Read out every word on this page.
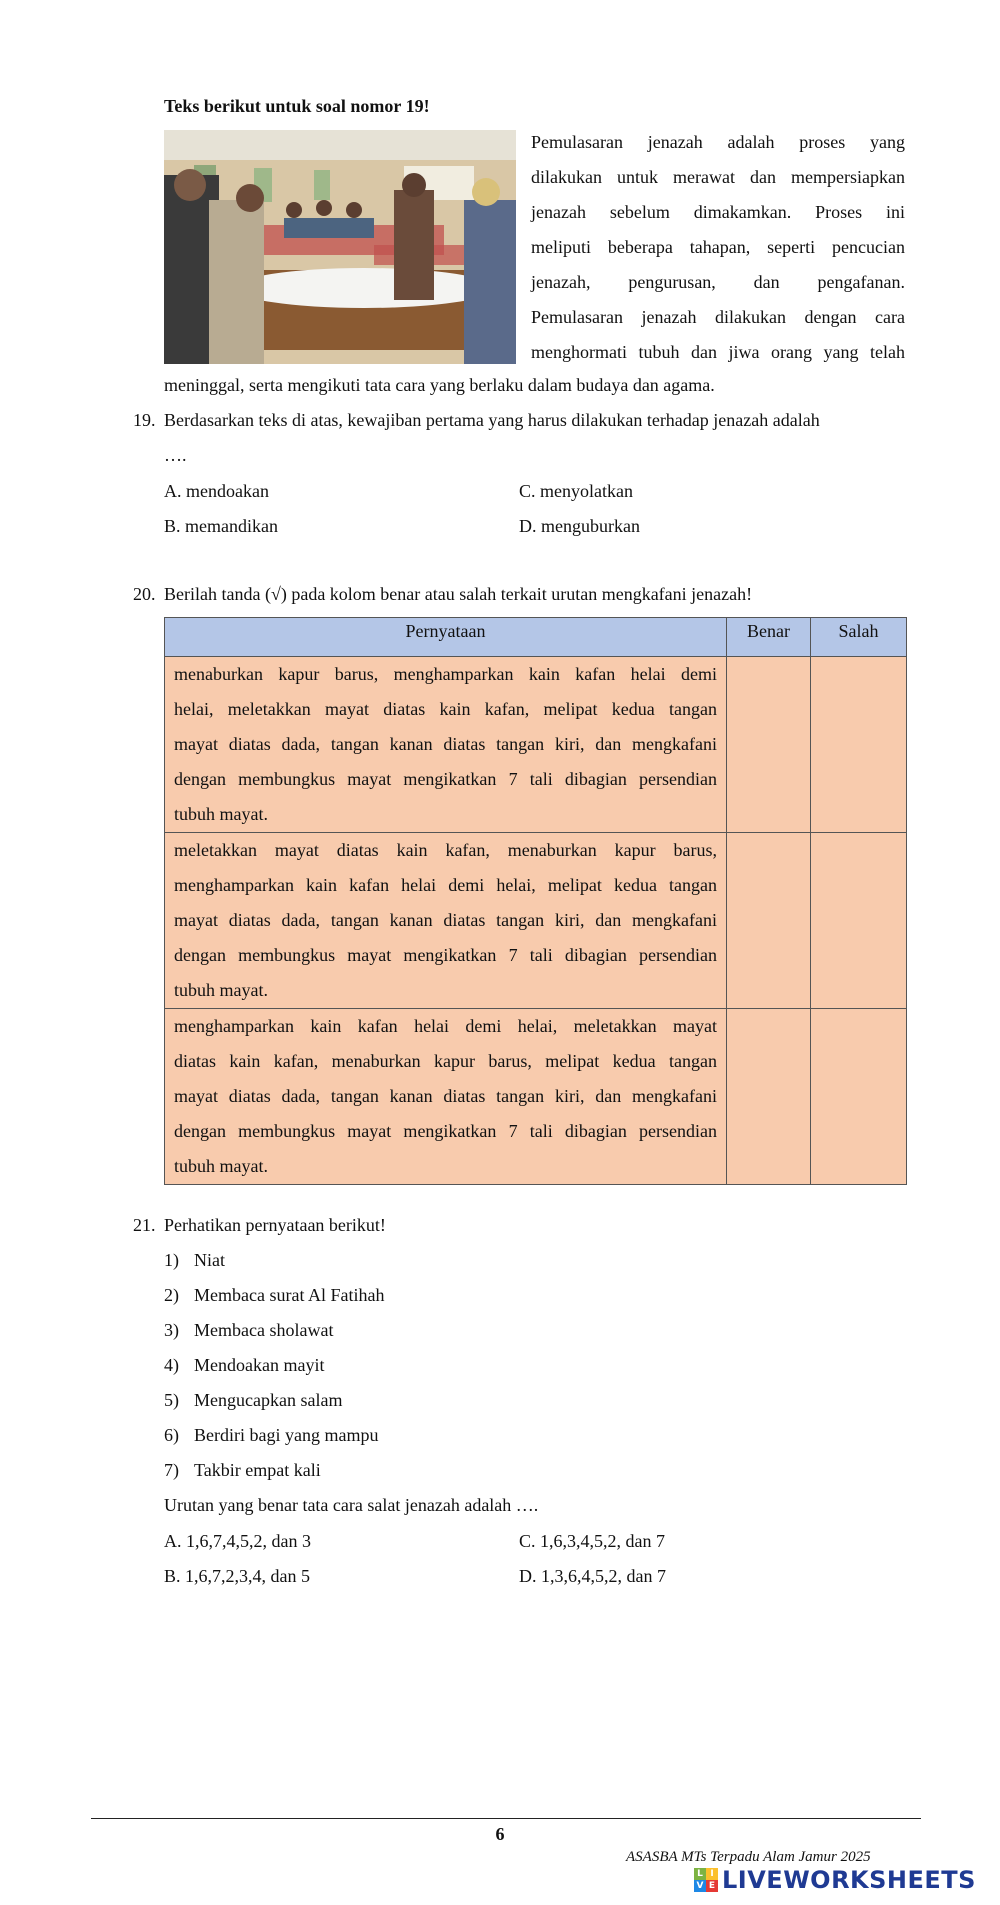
Teks berikut untuk soal nomor 19!
Pemulasaran jenazah adalah proses yang
dilakukan untuk merawat dan mempersiapkan
jenazah sebelum dimakamkan. Proses ini
meliputi beberapa tahapan, seperti pencucian
jenazah, pengurusan, dan pengafanan.
Pemulasaran jenazah dilakukan dengan cara
menghormati tubuh dan jiwa orang yang telah
meninggal, serta mengikuti tata cara yang berlaku dalam budaya dan agama.
19. Berdasarkan teks di atas, kewajiban pertama yang harus dilakukan terhadap jenazah adalah
….
A. mendoakan	C. menyolatkan
B. memandikan	D. menguburkan
20. Berilah tanda (√) pada kolom benar atau salah terkait urutan mengkafani jenazah!
Pernyataan	Benar	Salah

menaburkan kapur barus, menghamparkan kain kafan helai demi
helai, meletakkan mayat diatas kain kafan, melipat kedua tangan
mayat diatas dada, tangan kanan diatas tangan kiri, dan mengkafani
dengan membungkus mayat mengikatkan 7 tali dibagian persendian
tubuh mayat.		

meletakkan mayat diatas kain kafan, menaburkan kapur barus,
menghamparkan kain kafan helai demi helai, melipat kedua tangan
mayat diatas dada, tangan kanan diatas tangan kiri, dan mengkafani
dengan membungkus mayat mengikatkan 7 tali dibagian persendian
tubuh mayat.		

menghamparkan kain kafan helai demi helai, meletakkan mayat
diatas kain kafan, menaburkan kapur barus, melipat kedua tangan
mayat diatas dada, tangan kanan diatas tangan kiri, dan mengkafani
dengan membungkus mayat mengikatkan 7 tali dibagian persendian
tubuh mayat.		

21. Perhatikan pernyataan berikut!
1) Niat
2) Membaca surat Al Fatihah
3) Membaca sholawat
4) Mendoakan mayit
5) Mengucapkan salam
6) Berdiri bagi yang mampu
7) Takbir empat kali
Urutan yang benar tata cara salat jenazah adalah ….
A. 1,6,7,4,5,2, dan 3	C. 1,6,3,4,5,2, dan 7
B. 1,6,7,2,3,4, dan 5	D. 1,3,6,4,5,2, dan 7
6
ASASBA MTs Terpadu Alam Jamur 2025
L I
V E LIVEWORKSHEETS
